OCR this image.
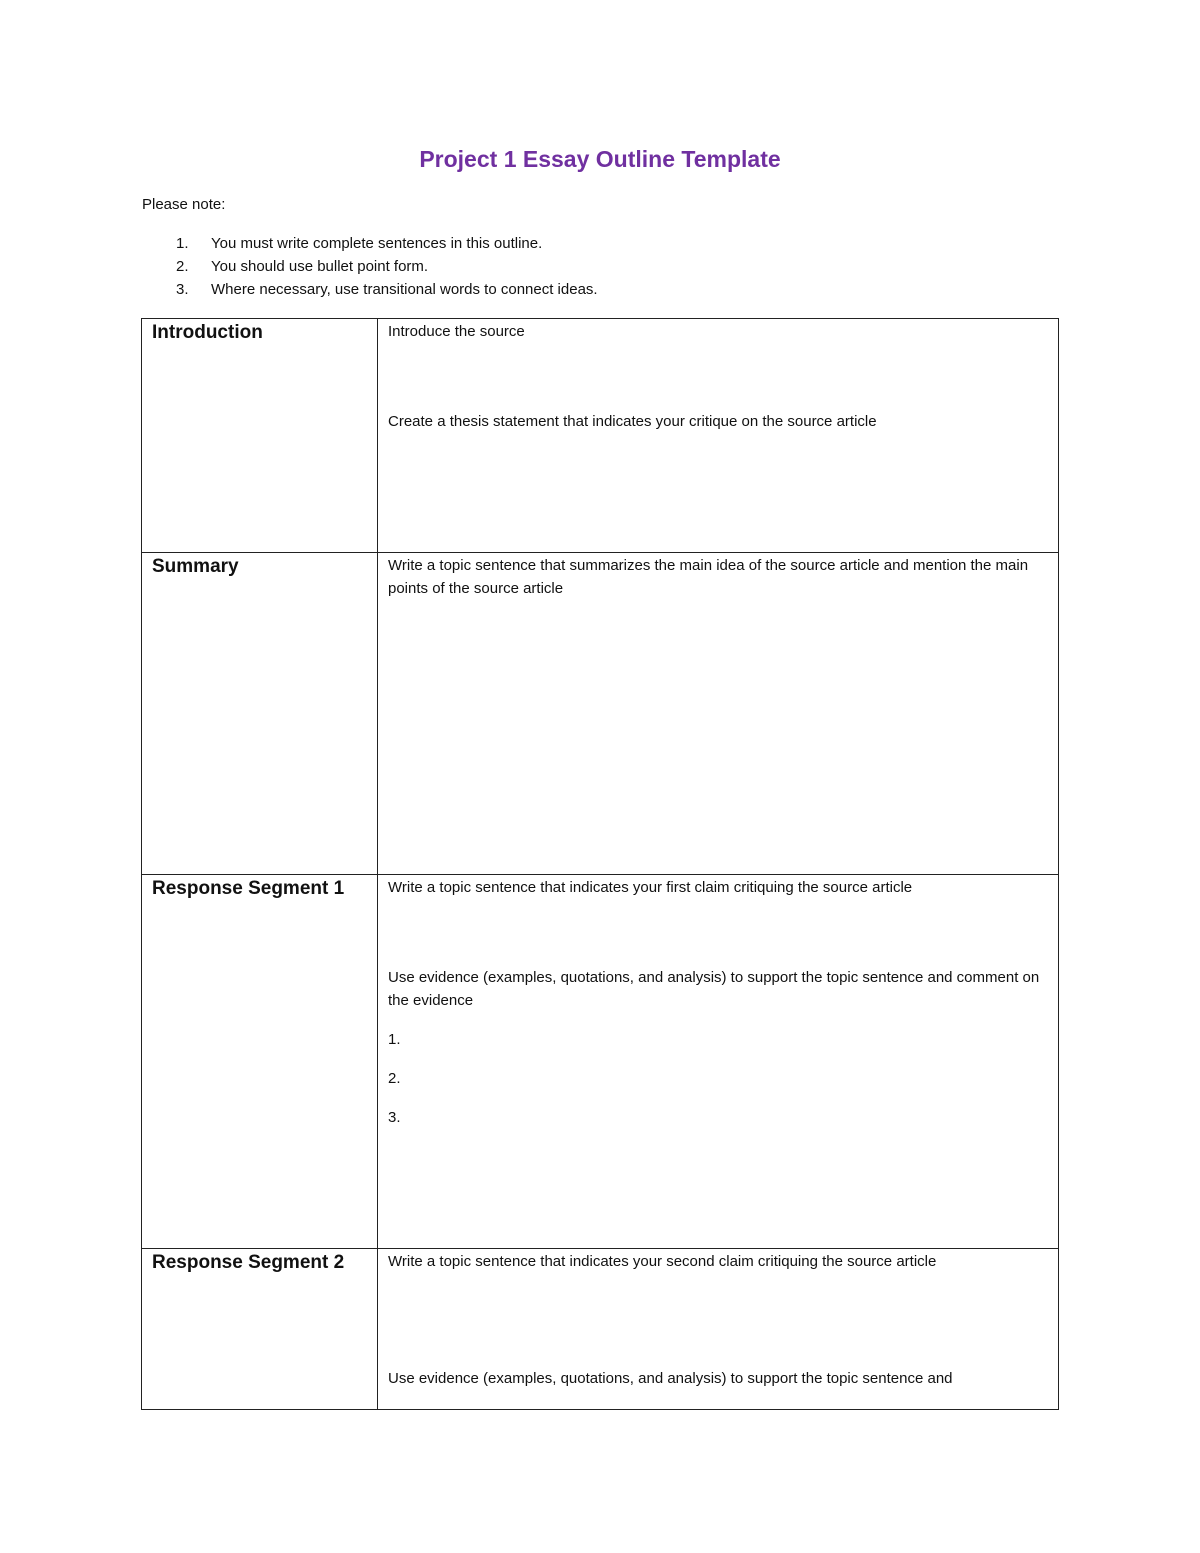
Project 1 Essay Outline Template

Please note:

1. You must write complete sentences in this outline.
2. You should use bullet point form.
3. Where necessary, use transitional words to connect ideas.
Introduction	Introduce the source

Create a thesis statement that indicates your critique on the source article

Summary	Write a topic sentence that summarizes the main idea of the source article and mention the main points of the source article

Response Segment 1	Write a topic sentence that indicates your first claim critiquing the source article

Use evidence (examples, quotations, and analysis) to support the topic sentence and comment on the evidence

1.

2.

3.

Response Segment 2	Write a topic sentence that indicates your second claim critiquing the source article

Use evidence (examples, quotations, and analysis) to support the topic sentence and
